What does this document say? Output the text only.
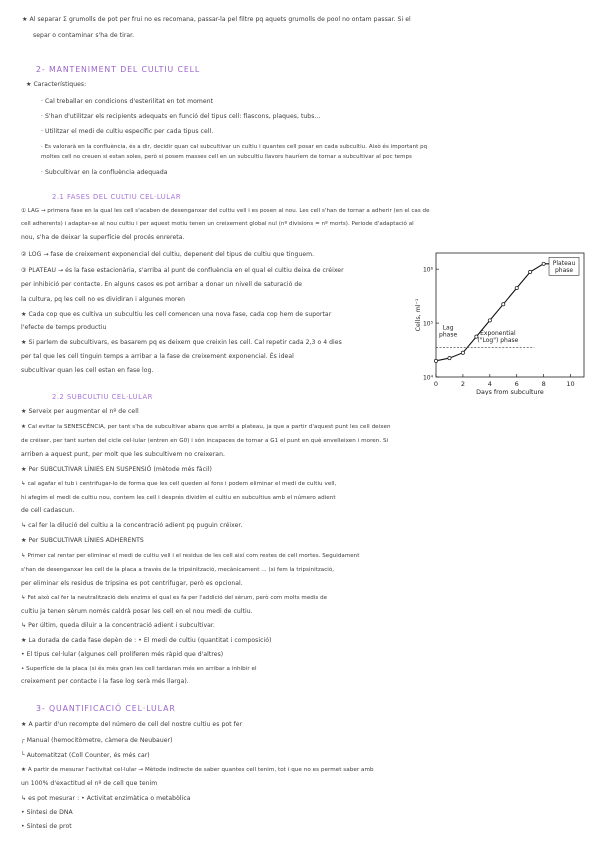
★ Al separar Ʃ grumolls de pot per frui no es recomana, passar-la pel filtre pq aquets grumolls de pool no ontam passar. Si el
separ o contaminar s'ha de tirar.
2- MANTENIMENT DEL CULTIU CELL
★ Característiques:
· Cal treballar en condicions d'esterilitat en tot moment
· S'han d'utilitzar els recipients adequats en funció del tipus cell: flascons, plaques, tubs...
· Utilitzar el medi de cultiu específic per cada tipus cell.
· Es valorarà en la confluència, és a dir, decidir quan cal subcultivar un cultiu i quantes cell posar en cada subcultiu. Això és important pq
moltes cell no creuen si estan soles, però si posem masses cell en un subcultiu llavors hauríem de tornar a subcultivar al poc temps
· Subcultivar en la confluència adequada
2.1 FASES DEL CULTIU CEL·LULAR
① LAG → primera fase en la qual les cell s'acaben de desenganxar del cultiu vell i es posen al nou. Les cell s'han de tornar a adherir (en el cas de
cell adherents) i adaptar-se al nou cultiu i per aquest motiu tenen un creixement global nul (nº divisions = nº morts). Periode d'adaptació al
nou, s'ha de deixar la superfície del procés enrereta.
② LOG → fase de creixement exponencial del cultiu, depenent del tipus de cultiu que tinguem.
③ PLATEAU → és la fase estacionària, s'arriba al punt de confluència en el qual el cultiu deixa de créixer
per inhibició per contacte. En alguns casos es pot arribar a donar un nivell de saturació de
la cultura, pq les cell no es dividiran i algunes moren
★ Cada cop que es cultiva un subcultiu les cell comencen una nova fase, cada cop hem de suportar
l'efecte de temps productiu
★ Si parlem de subcultivars, es basarem pq es deixem que creixin les cell. Cal repetir cada 2,3 o 4 dies
per tal que les cell tinguin temps a arribar a la fase de creixement exponencial. És ideal
subcultivar quan les cell estan en fase log.
0	2	4	6	8	10
10⁴
10⁵
10⁶
Days from subculture
Cells, ml⁻¹	Lag
phase	Exponential
("Log") phase
Plateau
phase
2.2 SUBCULTIU CEL·LULAR
★ Serveix per augmentar el nº de cell
★ Cal evitar la SENESCÈNCIA, per tant s'ha de subcultivar abans que arribi a plateau, ja que a partir d'aquest punt les cell deixen
de créixer, per tant surten del cicle cel·lular (entren en G0) i són incapaces de tornar a G1 el punt en què envelleixen i moren. Si
arriben a aquest punt, per molt que les subcultivem no creixeran.
★ Per SUBCULTIVAR LÍNIES EN SUSPENSIÓ (mètode més fàcil)
↳ cal agafar el tub i centrifugar-lo de forma que les cell queden al fons i podem eliminar el medi de cultiu vell,
hi afegim el medi de cultiu nou, contem les cell i després dividim el cultiu en subcultius amb el número adient
de cell cadascun.
↳ cal fer la dilució del cultiu a la concentració adient pq puguin créixer.
★ Per SUBCULTIVAR LÍNIES ADHERENTS
↳ Primer cal rentar per eliminar el medi de cultiu vell i el residus de les cell així com restes de cell mortes. Seguidament
s'han de desenganxar les cell de la placa a través de la tripsinització, mecànicament ... (si fem la tripsinització,
per eliminar els residus de tripsina es pot centrifugar, però es opcional.
↳ Fet això cal fer la neutralització dels enzims el qual es fa per l'addició del sèrum, però com molts medis de
cultiu ja tenen sèrum només caldrà posar les cell en el nou medi de cultiu.
↳ Per últim, queda diluir a la concentració adient i subcultivar.
★ La durada de cada fase depèn de : • El medi de cultiu (quantitat i composició)
• El tipus cel·lular (algunes cell proliferen més ràpid que d'altres)
• Superfície de la placa (si és més gran les cell tardaran més en arribar a inhibir el
creixement per contacte i la fase log serà més llarga).
3- QUANTIFICACIÓ CEL·LULAR
★ A partir d'un recompte del número de cell del nostre cultiu es pot fer
┌ Manual (hemocitòmetre, càmera de Neubauer)
└ Automatitzat (Coll Counter, és més car)
★ A partir de mesurar l'activitat cel·lular → Mètode indirecte de saber quantes cell tenim, tot i que no es permet saber amb
un 100% d'exactitud el nº de cell que tenim
↳ es pot mesurar : • Activitat enzimàtica o metabòlica
• Síntesi de DNA
• Síntesi de prot
